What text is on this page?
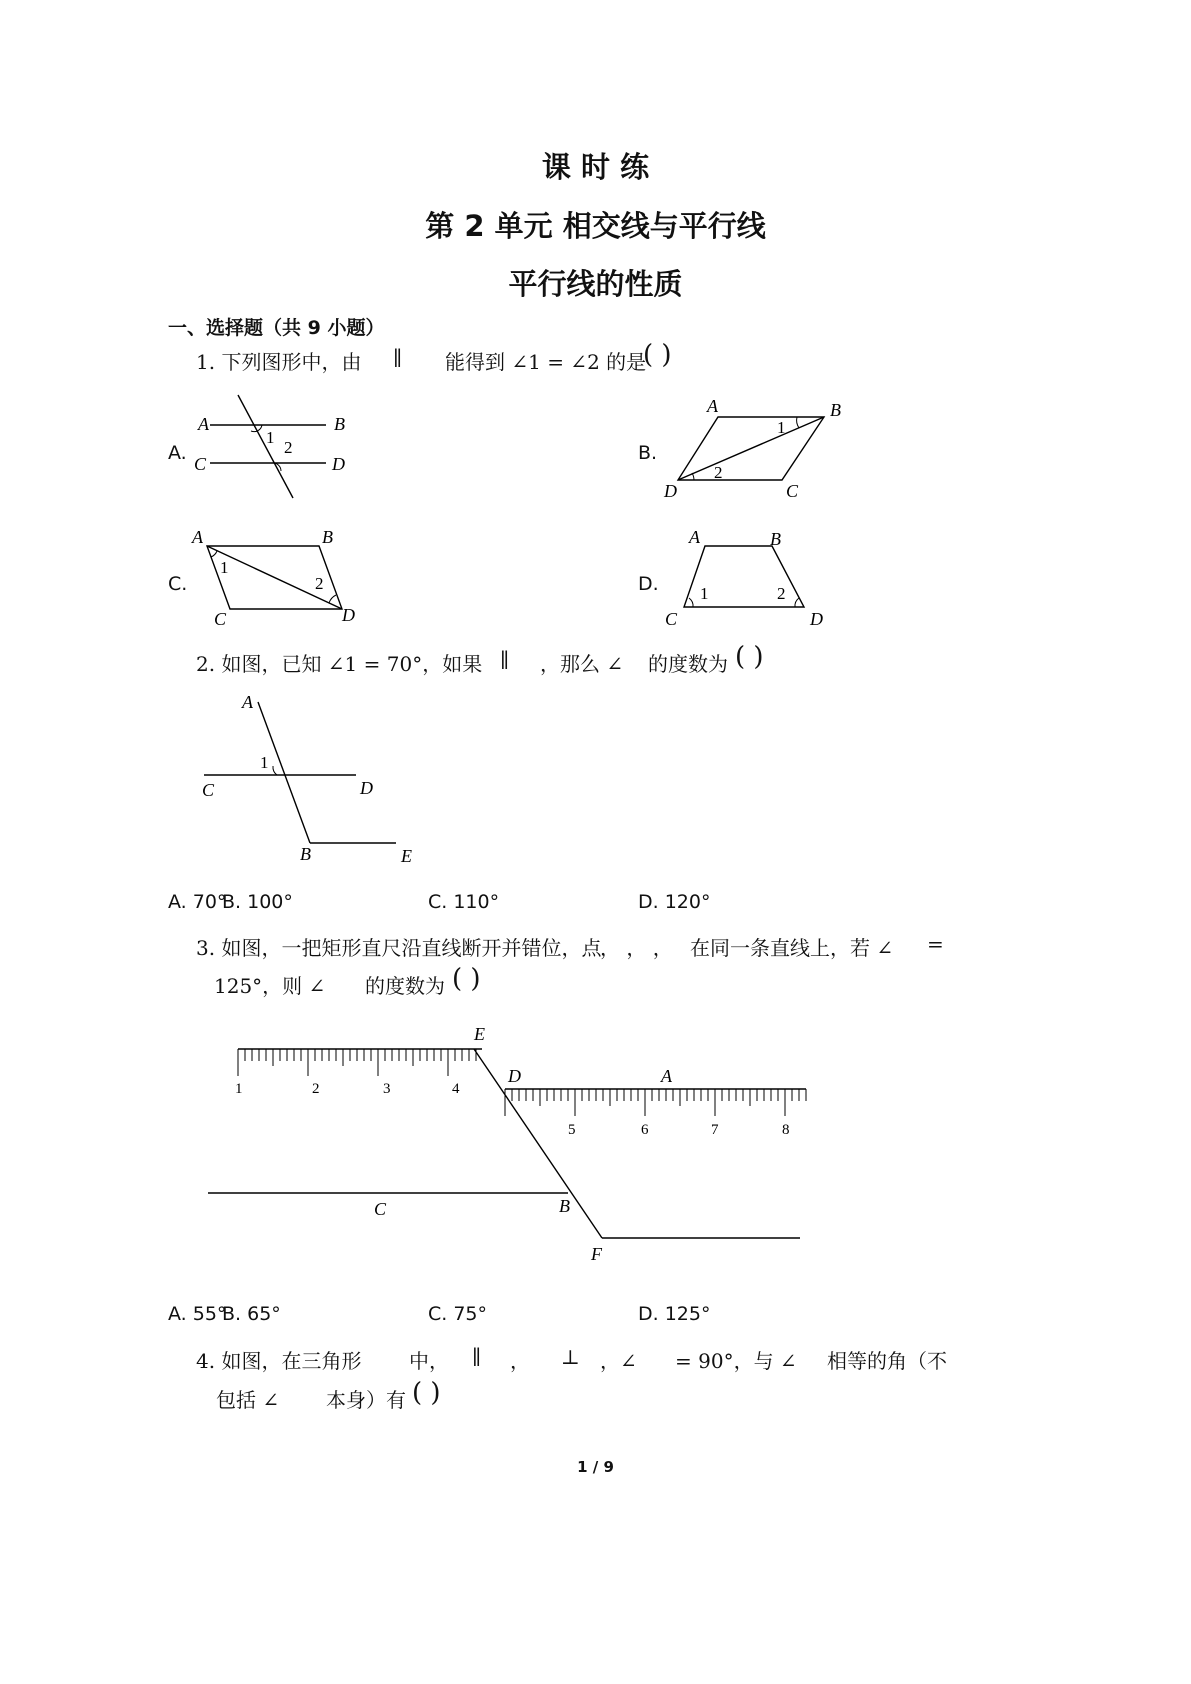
课 时 练
第 2 单元 相交线与平行线
平行线的性质
一、选择题（共 9 小题）
1. 下列图形中，由 ∥ 能得到 ∠1 = ∠2 的是
( )
A.	B.
C.	D.
A	B
C	D
1
2
A	B
C
D
1
2
A	B
C	D
1
2
A	B
C	D
1	2
2. 如图，已知 ∠1 = 70°，如果 ∥ ，那么 ∠ 的度数为 ( )
A
1
C	D
B	E
A. 70°
B. 100°	C. 110°	D. 120°
3. 如图，一把矩形直尺沿直线断开并错位，点
， ， ， 在同一条直线上，若 ∠ =
125°，则 ∠ 的度数为 ( )
E
D	A
C	B
F
1	2	3	4
5	6	7	8
A. 55°
B. 65°	C. 75°	D. 125°
4. 如图，在三角形 中， ∥ ， ⊥ ，∠ = 90°，与 ∠ 相等的角（不
包括 ∠ 本身）有 ( )
1 / 9
